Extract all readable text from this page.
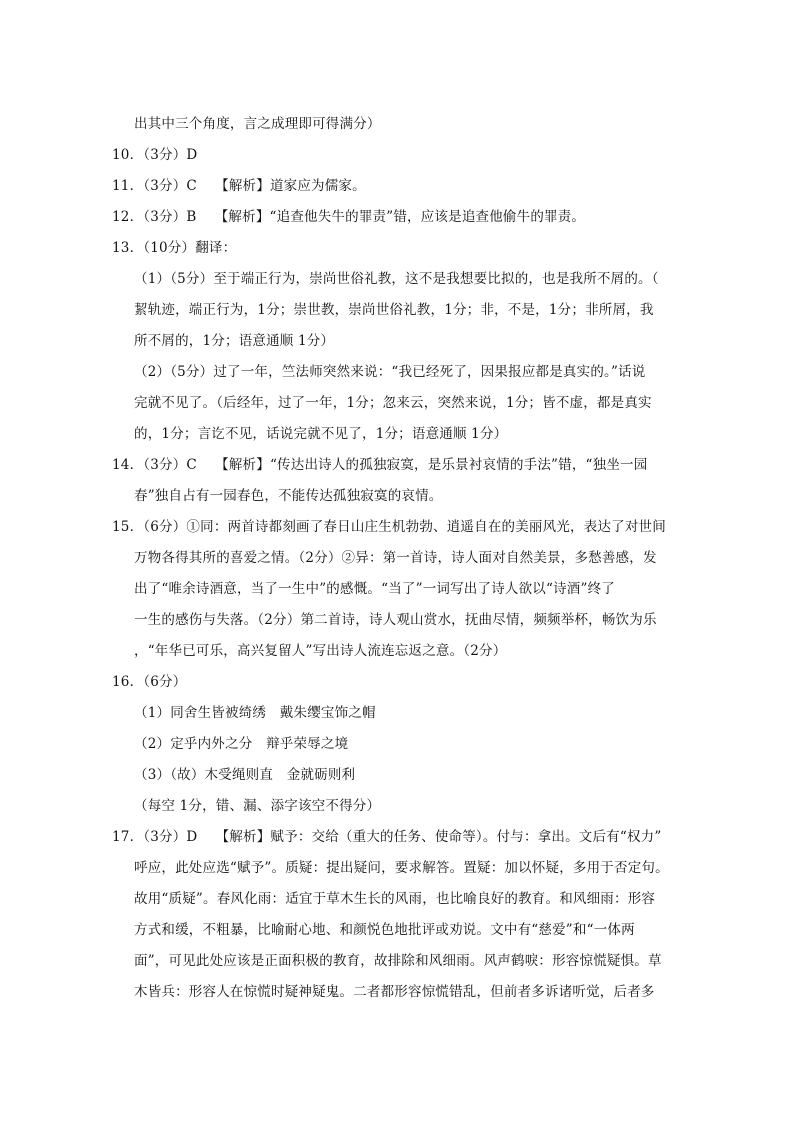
出其中三个角度，言之成理即可得满分）
10．（3分）D
11．（3分）C　 【解析】道家应为儒家。
12．（3分）B　 【解析】“追查他失牛的罪责”错，应该是追查他偷牛的罪责。
13．（10分）翻译：
（1）（5分）至于端正行为，崇尚世俗礼教，这不是我想要比拟的，也是我所不屑的。（
絜轨迹，端正行为，1分；崇世教，崇尚世俗礼教，1分；非，不是，1分；非所屑，我
所不屑的，1分；语意通顺 1分）
（2）（5分）过了一年，竺法师突然来说：“我已经死了，因果报应都是真实的。”话说
完就不见了。（后经年，过了一年，1分；忽来云，突然来说，1分；皆不虚，都是真实
的，1分；言讫不见，话说完就不见了，1分；语意通顺 1分）
14．（3分）C　 【解析】“传达出诗人的孤独寂寞，是乐景衬哀情的手法”错，“独坐一园
春”独自占有一园春色，不能传达孤独寂寞的哀情。
15．（6分）①同：两首诗都刻画了春日山庄生机勃勃、逍遥自在的美丽风光，表达了对世间
万物各得其所的喜爱之情。（2分）②异：第一首诗，诗人面对自然美景，多愁善感，发
出了“唯余诗酒意，当了一生中”的感慨。“当了”一词写出了诗人欲以“诗酒”终了
一生的感伤与失落。（2分）第二首诗，诗人观山赏水，抚曲尽情，频频举杯，畅饮为乐
，“年华已可乐，高兴复留人”写出诗人流连忘返之意。（2分）
16．（6分）
（1）同舍生皆被绮绣　戴朱缨宝饰之帽
（2）定乎内外之分　辩乎荣辱之境
（3）（故）木受绳则直　金就砺则利
（每空 1分，错、漏、添字该空不得分）
17．（3分）D　 【解析】赋予：交给（重大的任务、使命等）。付与：拿出。文后有“权力”
呼应，此处应选“赋予”。质疑：提出疑问，要求解答。置疑：加以怀疑，多用于否定句。
故用“质疑”。春风化雨：适宜于草木生长的风雨，也比喻良好的教育。和风细雨：形容
方式和缓，不粗暴，比喻耐心地、和颜悦色地批评或劝说。文中有“慈爱”和“一体两
面”，可见此处应该是正面积极的教育，故排除和风细雨。风声鹤唳：形容惊慌疑惧。草
木皆兵：形容人在惊慌时疑神疑鬼。二者都形容惊慌错乱，但前者多诉诸听觉，后者多
